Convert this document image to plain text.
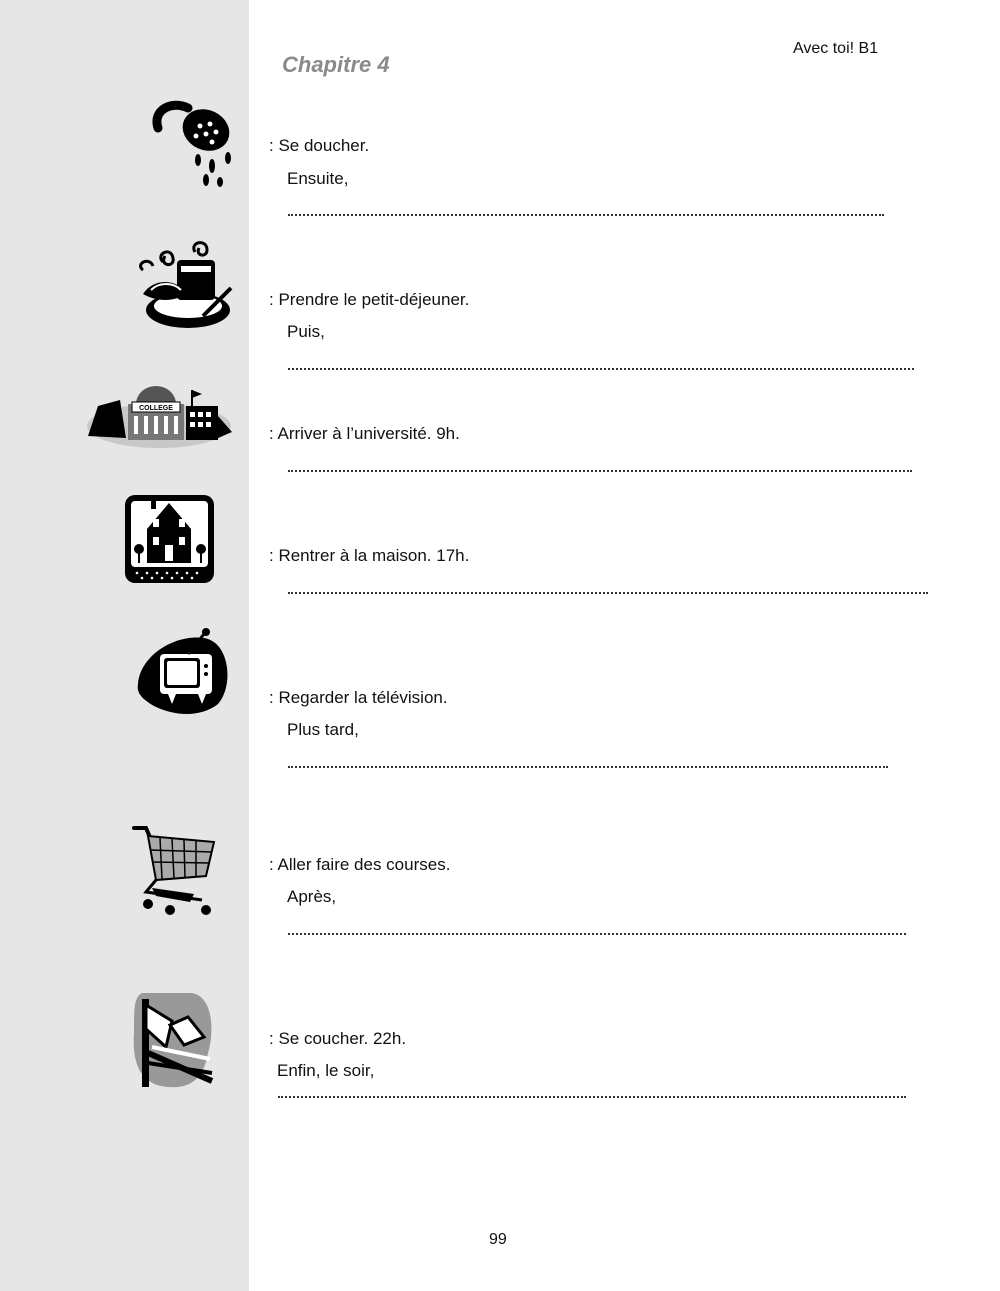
Chapitre 4
Avec toi! B1
: Se doucher.
Ensuite,
: Prendre le petit-déjeuner.
Puis,
COLLEGE
: Arriver à l’université. 9h.
: Rentrer à la maison. 17h.
: Regarder la télévision.
Plus tard,
: Aller faire des courses.
Après,
: Se coucher. 22h.
Enfin, le soir,
99
